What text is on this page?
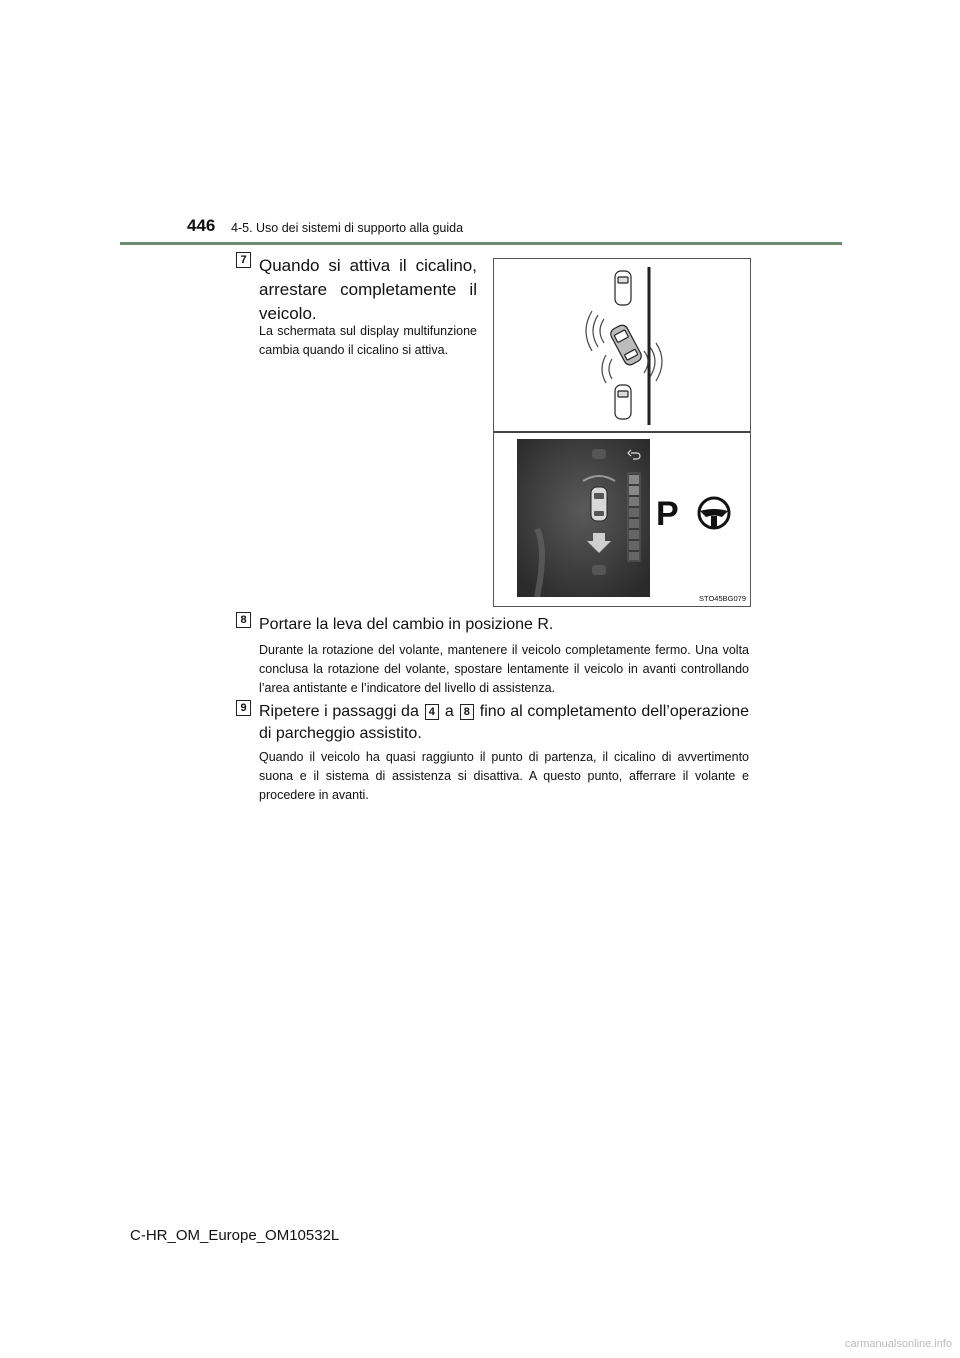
446 4-5. Uso dei sistemi di supporto alla guida
7 Quando si attiva il cicalino, arrestare completamente il veicolo.
La schermata sul display multifunzione cambia quando il cicalino si attiva.
P
STO45BG079
8 Portare la leva del cambio in posizione R.
Durante la rotazione del volante, mantenere il veicolo completamente fermo. Una volta conclusa la rotazione del volante, spostare lentamente il veicolo in avanti controllando l’area antistante e l’indicatore del livello di assistenza.
9 Ripetere i passaggi da 4 a 8 fino al completamento dell’operazione di parcheggio assistito.
Quando il veicolo ha quasi raggiunto il punto di partenza, il cicalino di avvertimento suona e il sistema di assistenza si disattiva. A questo punto, afferrare il volante e procedere in avanti.
C-HR_OM_Europe_OM10532L
carmanualsonline.info
